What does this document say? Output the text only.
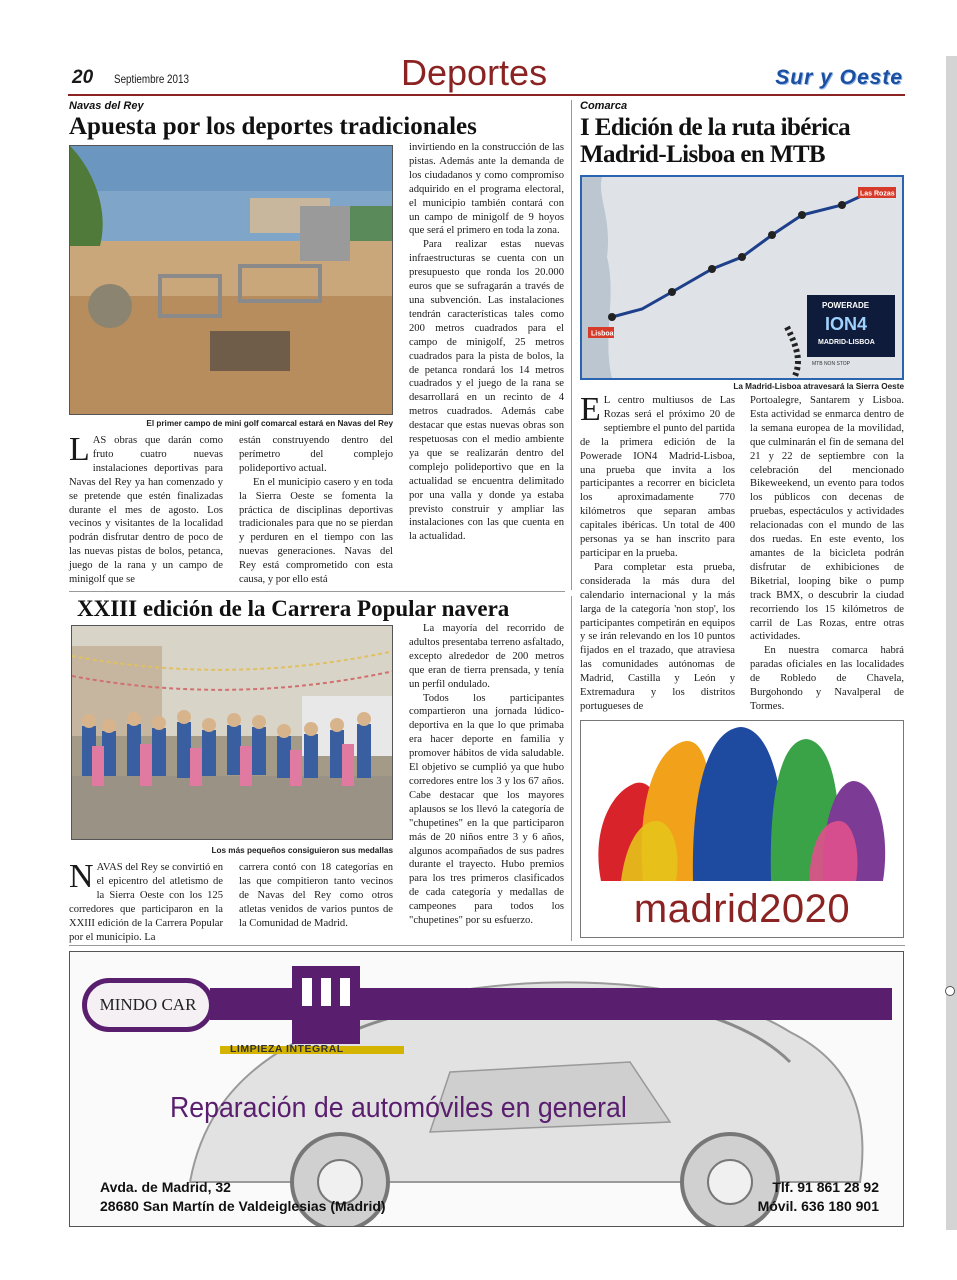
20 Septiembre 2013	Deportes	Sur y Oeste
Navas del Rey
Apuesta por los deportes tradicionales
El primer campo de mini golf comarcal estará en Navas del Rey

LAS obras que darán como fruto cuatro nuevas instalaciones deportivas para Navas del Rey ya han comenzado y se pretende que estén finalizadas durante el mes de agosto. Los vecinos y visitantes de la localidad podrán disfrutar dentro de poco de las nuevas pistas de bolos, petanca, juego de la rana y un campo de minigolf que se

están construyendo dentro del perímetro del complejo polideportivo actual.

En el municipio casero y en toda la Sierra Oeste se fomenta la práctica de disciplinas deportivas tradicionales para que no se pierdan y perduren en el tiempo con las nuevas generaciones. Navas del Rey está comprometido con esta causa, y por ello está

invirtiendo en la construcción de las pistas. Además ante la demanda de los ciudadanos y como compromiso adquirido en el programa electoral, el municipio también contará con un campo de minigolf de 9 hoyos que será el primero en toda la zona.

Para realizar estas nuevas infraestructuras se cuenta con un presupuesto que ronda los 20.000 euros que se sufragarán a través de una subvención. Las instalaciones tendrán características tales como 200 metros cuadrados para el campo de minigolf, 25 metros cuadrados para la pista de bolos, la de petanca rondará los 14 metros cuadrados y el juego de la rana se desarrollará en un recinto de 4 metros cuadrados. Además cabe destacar que estas nuevas obras son respetuosas con el medio ambiente ya que se realizarán dentro del complejo polideportivo que en la actualidad se encuentra delimitado por una valla y donde ya estaba previsto construir y ampliar las instalaciones con las que cuenta en la actualidad.

Comarca
I Edición de la ruta ibérica
Madrid-Lisboa en MTB
Lisboa
Las Rozas
POWERADE
ION4
MADRID-LISBOA
MTB NON STOP
La Madrid-Lisboa atravesará la Sierra Oeste

E L centro multiusos de Las Rozas será el próximo 20 de septiembre el punto del partida de la primera edición de la Powerade ION4 Madrid-Lisboa, una prueba que invita a los participantes a recorrer en bicicleta los aproximadamente 770 kilómetros que separan ambas capitales ibéricas. Un total de 400 personas ya se han inscrito para participar en la prueba.

Para completar esta prueba, considerada la más dura del calendario internacional y la más larga de la categoría 'non stop', los participantes competirán en equipos y se irán relevando en los 10 puntos fijados en el trazado, que atraviesa las comunidades autónomas de Madrid, Castilla y León y Extremadura y los distritos portugueses de

Portoalegre, Santarem y Lisboa. Esta actividad se enmarca dentro de la semana europea de la movilidad, que culminarán el fin de semana del 21 y 22 de septiembre con la celebración del mencionado Bikeweekend, un evento para todos los públicos con decenas de pruebas, espectáculos y actividades relacionadas con el mundo de las dos ruedas. En este evento, los amantes de la bicicleta podrán disfrutar de exhibiciones de Biketrial, looping bike o pump track BMX, o descubrir la ciudad recorriendo los 15 kilómetros de carril de Las Rozas, entre otras actividades.

En nuestra comarca habrá paradas oficiales en las localidades de Robledo de Chavela, Burgohondo y Navalperal de Tormes.

XXIII edición de la Carrera Popular navera
Los más pequeños consiguieron sus medallas

NAVAS del Rey se convirtió en el epicentro del atletismo de la Sierra Oeste con los 125 corredores que participaron en la XXIII edición de la Carrera Popular por el municipio. La

carrera contó con 18 categorías en las que compitieron tanto vecinos de Navas del Rey como otros atletas venidos de varios puntos de la Comunidad de Madrid.

La mayoría del recorrido de adultos presentaba terreno asfaltado, excepto alrededor de 200 metros que eran de tierra prensada, y tenía un perfil ondulado.

Todos los participantes compartieron una jornada lúdico-deportiva en la que lo que primaba era hacer deporte en familia y promover hábitos de vida saludable. El objetivo se cumplió ya que hubo corredores entre los 3 y los 67 años. Cabe destacar que los mayores aplausos se los llevó la categoría de "chupetines" en la que participaron más de 20 niños entre 3 y 6 años, algunos acompañados de sus padres durante el trayecto. Hubo premios para los tres primeros clasificados de cada categoría y medallas de campeones para todos los "chupetines" por su esfuerzo.	madrid2020
MINDO CAR
LIMPIEZA INTEGRAL
Reparación de automóviles en general
Avda. de Madrid, 32
28680 San Martín de Valdeiglesias (Madrid)
Tlf. 91 861 28 92
Móvil. 636 180 901
